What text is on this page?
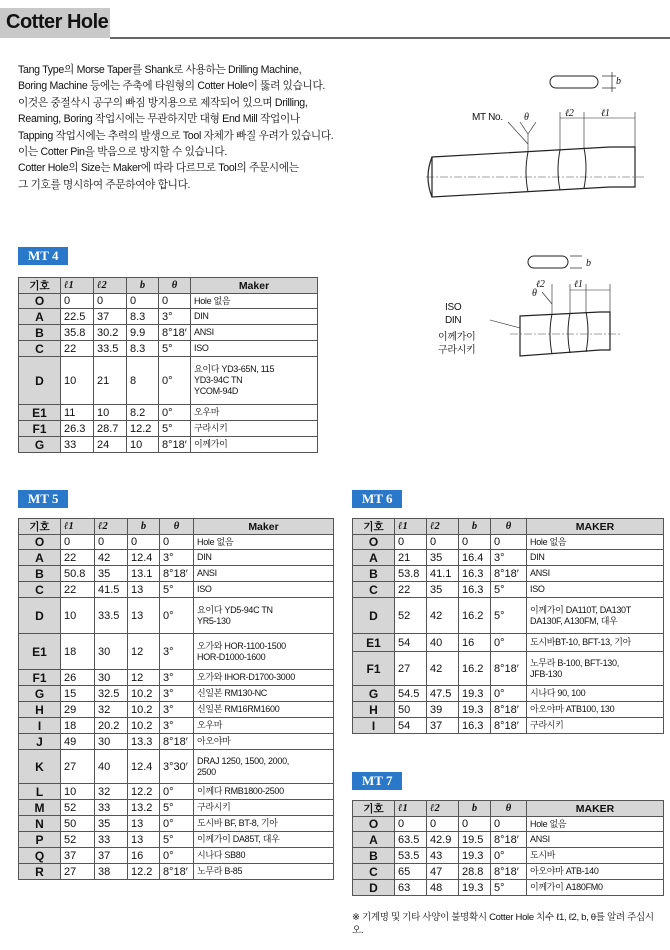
Cotter Hole

Tang Type의 Morse Taper를 Shank로 사용하는 Drilling Machine,

Boring Machine 등에는 주축에 타원형의 Cotter Hole이 뚫려 있습니다.

이것은 중절삭시 공구의 빠짐 방지용으로 제작되어 있으며 Drilling,

Reaming, Boring 작업시에는 무관하지만 대형 End Mill 작업이나

Tapping 작업시에는 추력의 발생으로 Tool 자체가 빠질 우려가 있습니다.

이는 Cotter Pin을 박음으로 방지할 수 있습니다.

Cotter Hole의 Size는 Maker에 따라 다르므로 Tool의 주문시에는

그 기호를 명시하여 주문하여야 합니다.

MT No.	ℓ1
ℓ2
b
θ
ISO
DIN
이께가이
구라시키
ℓ1
ℓ2
b
θ
MT 4
기호	ℓ1	ℓ2	b	θ	Maker
O	0	0	0	0	Hole 없음
A	22.5	37	8.3	3°	DIN
B	35.8	30.2	9.9	8°18′	ANSI
C	22	33.5	8.3	5°	ISO
D	10	21	8	0°	요이다 YD3-65N, 115
YD3-94C TN
YCOM-94D
E1	11	10	8.2	0°	오우마
F1	26.3	28.7	12.2	5°	구라시키
G	33	24	10	8°18′	이께가이
MT 5
기호	ℓ1	ℓ2	b	θ	Maker
O	0	0	0	0	Hole 없음
A	22	42	12.4	3°	DIN
B	50.8	35	13.1	8°18′	ANSI
C	22	41.5	13	5°	ISO
D	10	33.5	13	0°	요이다 YD5-94C TN
YR5-130
E1	18	30	12	3°	오가와 HOR-1100-1500
HOR-D1000-1600
F1	26	30	12	3°	오가와 IHOR-D1700-3000
G	15	32.5	10.2	3°	신일본 RM130-NC
H	29	32	10.2	3°	신일본 RM16RM1600
I	18	20.2	10.2	3°	오우마
J	49	30	13.3	8°18′	아오야마
K	27	40	12.4	3°30′	DRAJ 1250, 1500, 2000,
2500
L	10	32	12.2	0°	이께다 RMB1800-2500
M	52	33	13.2	5°	구라시키
N	50	35	13	0°	도시바 BF, BT-8, 기아
P	52	33	13	5°	이께가이 DA85T, 대우
Q	37	37	16	0°	시나다 SB80
R	27	38	12.2	8°18′	노무라 B-85
MT 6
기호	ℓ1	ℓ2	b	θ	MAKER
O	0	0	0	0	Hole 없음
A	21	35	16.4	3°	DIN
B	53.8	41.1	16.3	8°18′	ANSI
C	22	35	16.3	5°	ISO
D	52	42	16.2	5°	이께가이 DA110T, DA130T
DA130F, A130FM, 대우
E1	54	40	16	0°	도시바BT-10, BFT-13, 기아
F1	27	42	16.2	8°18′	노무라 B-100, BFT-130,
JFB-130
G	54.5	47.5	19.3	0°	시나다 90, 100
H	50	39	19.3	8°18′	아오야마 ATB100, 130
I	54	37	16.3	8°18′	구라시키
MT 7
기호	ℓ1	ℓ2	b	θ	MAKER
O	0	0	0	0	Hole 없음
A	63.5	42.9	19.5	8°18′	ANSI
B	53.5	43	19.3	0°	도시바
C	65	47	28.8	8°18′	아오야마 ATB-140
D	63	48	19.3	5°	이께가이 A180FM0
※ 기계명 및 기타 사양이 불명확시 Cotter Hole 치수 ℓ1, ℓ2, b, θ를 알려 주십시오.
